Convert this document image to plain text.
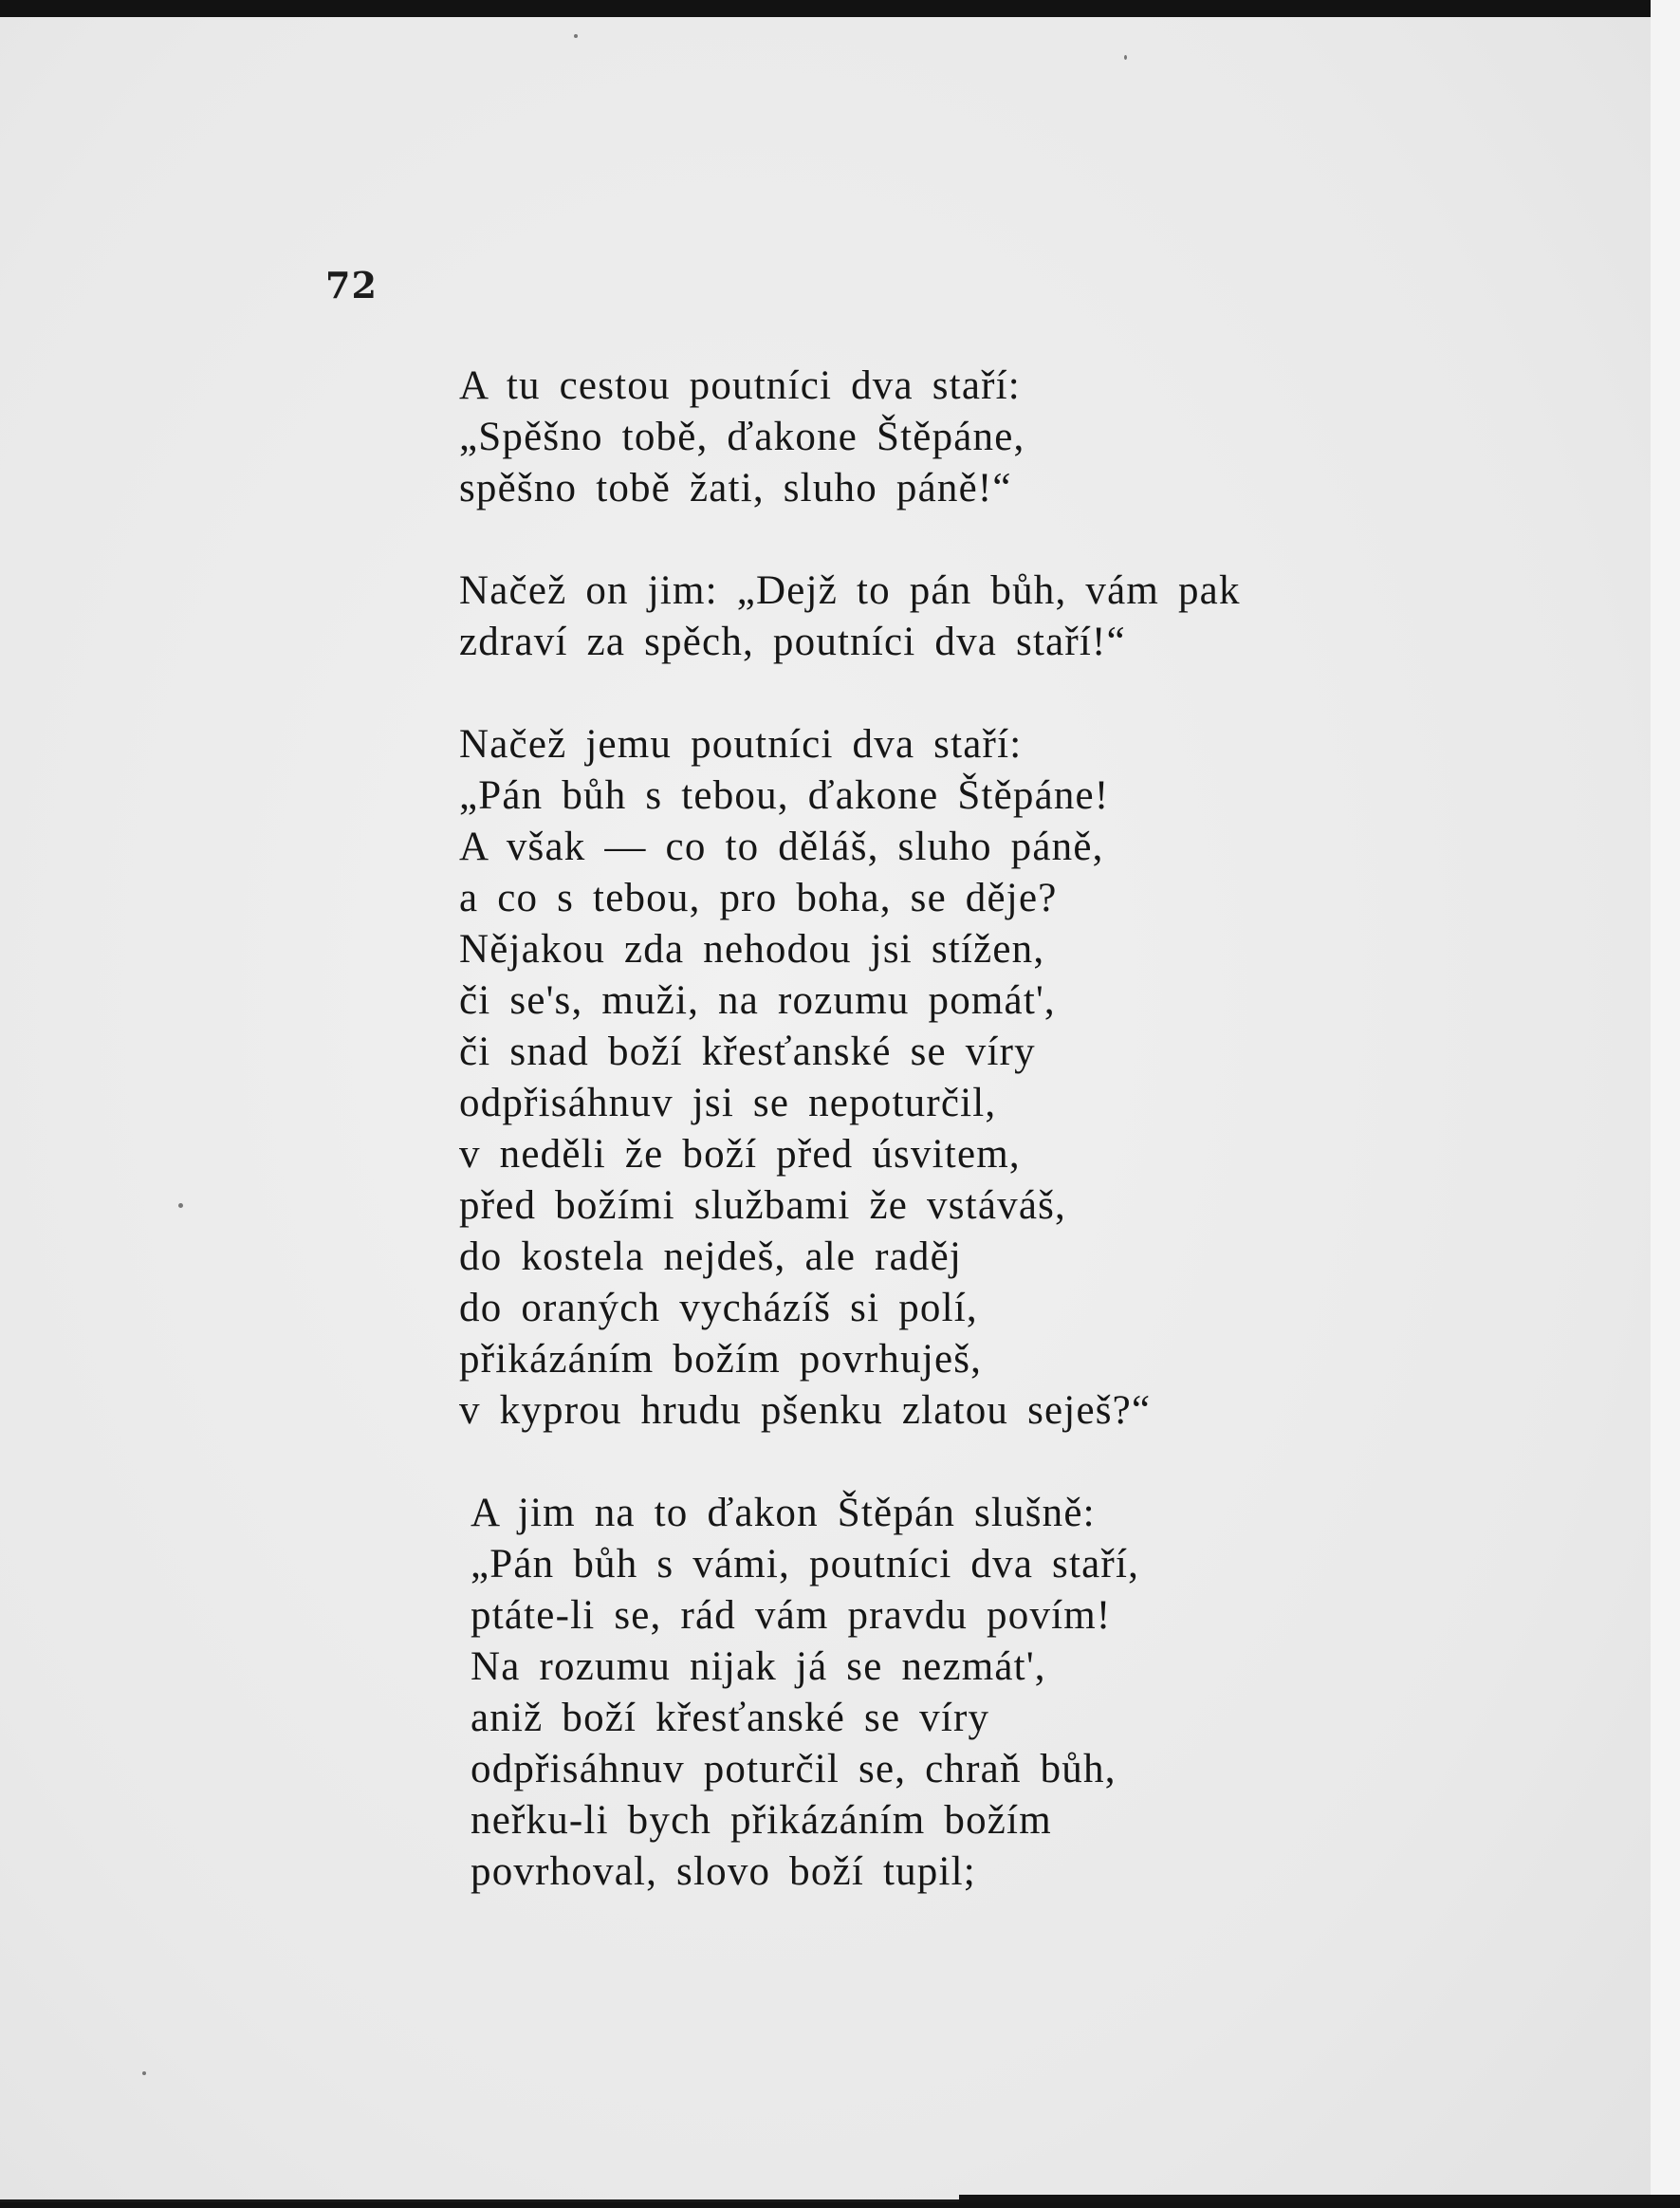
72
A tu cestou poutníci dva staří:
„Spěšno tobě, ďakone Štěpáne,
spěšno tobě žati, sluho páně!“
Načež on jim: „Dejž to pán bůh, vám pak
zdraví za spěch, poutníci dva staří!“
Načež jemu poutníci dva staří:
„Pán bůh s tebou, ďakone Štěpáne!
A však — co to děláš, sluho páně,
a co s tebou, pro boha, se děje?
Nějakou zda nehodou jsi stížen,
či se's, muži, na rozumu pomát',
či snad boží křesťanské se víry
odpřisáhnuv jsi se nepoturčil,
v neděli že boží před úsvitem,
před božími službami že vstáváš,
do kostela nejdeš, ale raděj
do oraných vycházíš si polí,
přikázáním božím povrhuješ,
v kyprou hrudu pšenku zlatou seješ?“
A jim na to ďakon Štěpán slušně:
„Pán bůh s vámi, poutníci dva staří,
ptáte-li se, rád vám pravdu povím!
Na rozumu nijak já se nezmát',
aniž boží křesťanské se víry
odpřisáhnuv poturčil se, chraň bůh,
neřku-li bych přikázáním božím
povrhoval, slovo boží tupil;
